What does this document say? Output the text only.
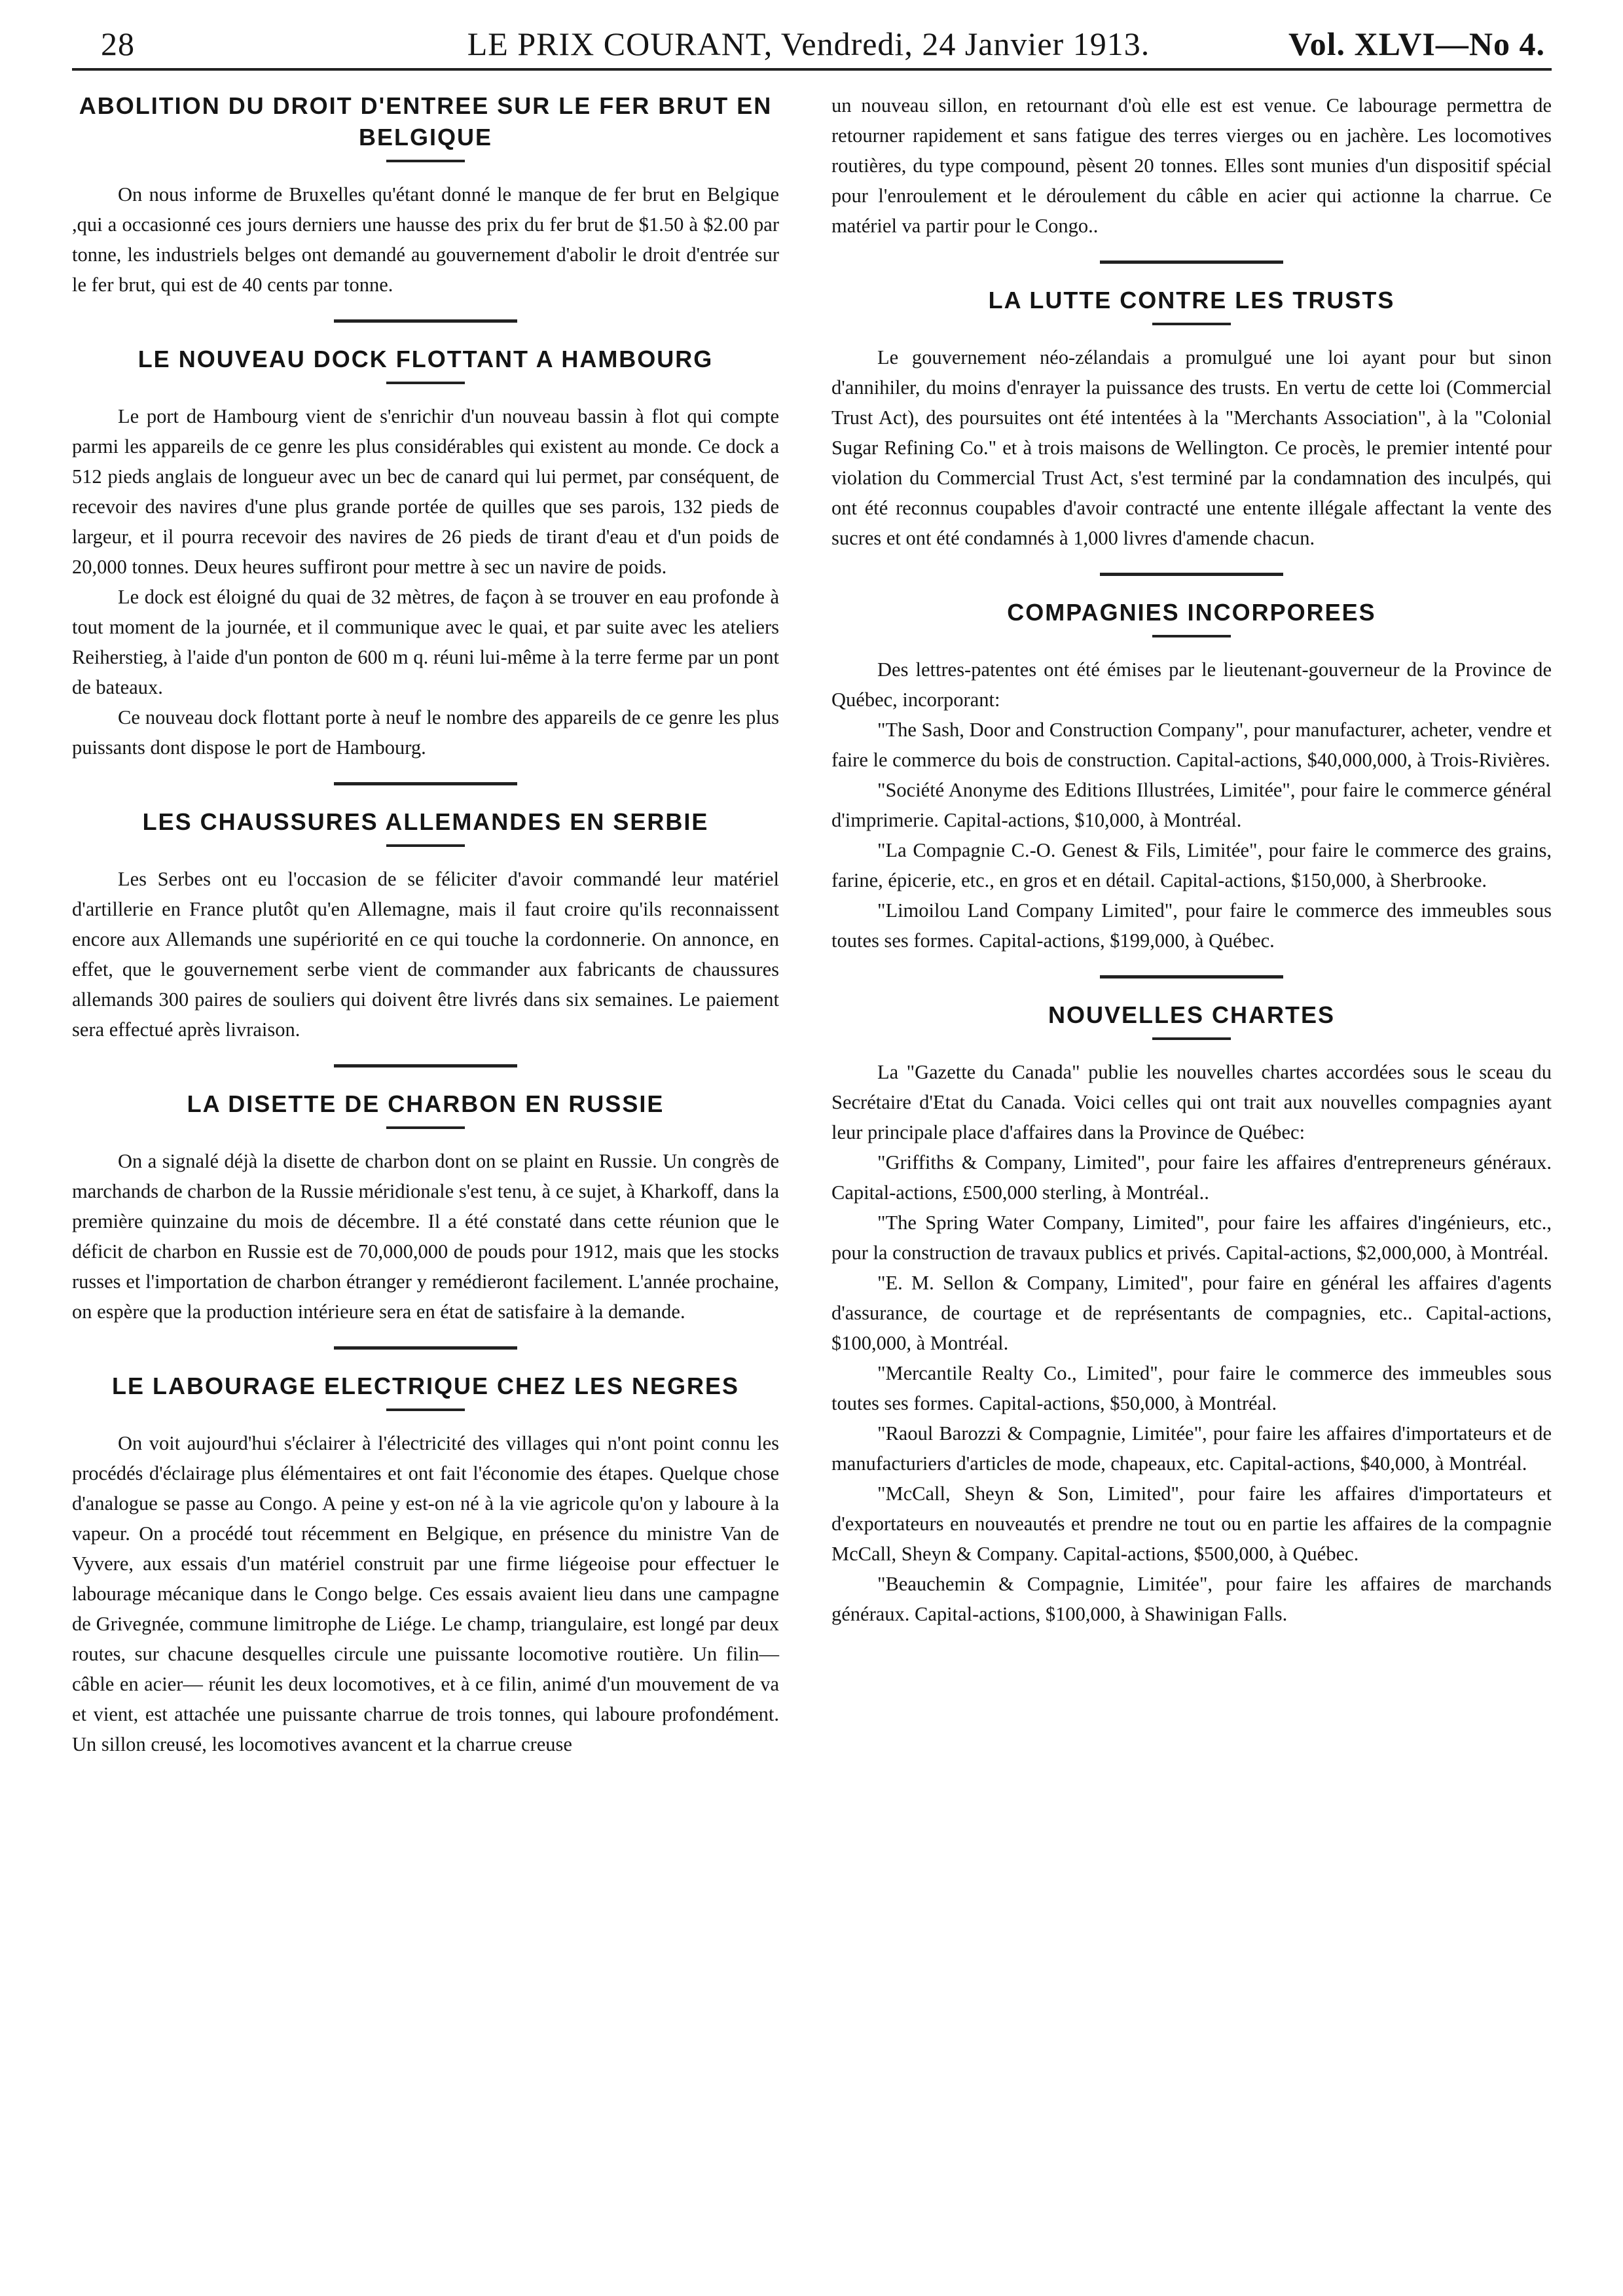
28	LE PRIX COURANT, Vendredi, 24 Janvier 1913.	Vol. XLVI—No 4.
ABOLITION DU DROIT D'ENTREE SUR LE FER BRUT EN BELGIQUE

On nous informe de Bruxelles qu'étant donné le manque de fer brut en Belgique ,qui a occasionné ces jours derniers une hausse des prix du fer brut de $1.50 à $2.00 par tonne, les industriels belges ont demandé au gouvernement d'abolir le droit d'entrée sur le fer brut, qui est de 40 cents par tonne.

LE NOUVEAU DOCK FLOTTANT A HAMBOURG

Le port de Hambourg vient de s'enrichir d'un nouveau bassin à flot qui compte parmi les appareils de ce genre les plus considérables qui existent au monde. Ce dock a 512 pieds anglais de longueur avec un bec de canard qui lui permet, par conséquent, de recevoir des navires d'une plus grande portée de quilles que ses parois, 132 pieds de largeur, et il pourra recevoir des navires de 26 pieds de tirant d'eau et d'un poids de 20,000 tonnes. Deux heures suffiront pour mettre à sec un navire de poids.

Le dock est éloigné du quai de 32 mètres, de façon à se trouver en eau profonde à tout moment de la journée, et il communique avec le quai, et par suite avec les ateliers Reiherstieg, à l'aide d'un ponton de 600 m q. réuni lui-même à la terre ferme par un pont de bateaux.

Ce nouveau dock flottant porte à neuf le nombre des appareils de ce genre les plus puissants dont dispose le port de Hambourg.

LES CHAUSSURES ALLEMANDES EN SERBIE

Les Serbes ont eu l'occasion de se féliciter d'avoir commandé leur matériel d'artillerie en France plutôt qu'en Allemagne, mais il faut croire qu'ils reconnaissent encore aux Allemands une supériorité en ce qui touche la cordonnerie. On annonce, en effet, que le gouvernement serbe vient de commander aux fabricants de chaussures allemands 300 paires de souliers qui doivent être livrés dans six semaines. Le paiement sera effectué après livraison.

LA DISETTE DE CHARBON EN RUSSIE

On a signalé déjà la disette de charbon dont on se plaint en Russie. Un congrès de marchands de charbon de la Russie méridionale s'est tenu, à ce sujet, à Kharkoff, dans la première quinzaine du mois de décembre. Il a été constaté dans cette réunion que le déficit de charbon en Russie est de 70,000,000 de pouds pour 1912, mais que les stocks russes et l'importation de charbon étranger y remédieront facilement. L'année prochaine, on espère que la production intérieure sera en état de satisfaire à la demande.

LE LABOURAGE ELECTRIQUE CHEZ LES NEGRES

On voit aujourd'hui s'éclairer à l'électricité des villages qui n'ont point connu les procédés d'éclairage plus élémentaires et ont fait l'économie des étapes. Quelque chose d'analogue se passe au Congo. A peine y est-on né à la vie agricole qu'on y laboure à la vapeur. On a procédé tout récemment en Belgique, en présence du ministre Van de Vyvere, aux essais d'un matériel construit par une firme liégeoise pour effectuer le labourage mécanique dans le Congo belge. Ces essais avaient lieu dans une campagne de Grivegnée, commune limitrophe de Liége. Le champ, triangulaire, est longé par deux routes, sur chacune desquelles circule une puissante locomotive routière. Un filin—câble en acier— réunit les deux locomotives, et à ce filin, animé d'un mouvement de va et vient, est attachée une puissante charrue de trois tonnes, qui laboure profondément. Un sillon creusé, les locomotives avancent et la charrue creuse

un nouveau sillon, en retournant d'où elle est est venue. Ce labourage permettra de retourner rapidement et sans fatigue des terres vierges ou en jachère. Les locomotives routières, du type compound, pèsent 20 tonnes. Elles sont munies d'un dispositif spécial pour l'enroulement et le déroulement du câble en acier qui actionne la charrue. Ce matériel va partir pour le Congo..

LA LUTTE CONTRE LES TRUSTS

Le gouvernement néo-zélandais a promulgué une loi ayant pour but sinon d'annihiler, du moins d'enrayer la puissance des trusts. En vertu de cette loi (Commercial Trust Act), des poursuites ont été intentées à la "Merchants Association", à la "Colonial Sugar Refining Co." et à trois maisons de Wellington. Ce procès, le premier intenté pour violation du Commercial Trust Act, s'est terminé par la condamnation des inculpés, qui ont été reconnus coupables d'avoir contracté une entente illégale affectant la vente des sucres et ont été condamnés à 1,000 livres d'amende chacun.

COMPAGNIES INCORPOREES

Des lettres-patentes ont été émises par le lieutenant-gouverneur de la Province de Québec, incorporant:

"The Sash, Door and Construction Company", pour manufacturer, acheter, vendre et faire le commerce du bois de construction. Capital-actions, $40,000,000, à Trois-Rivières.

"Société Anonyme des Editions Illustrées, Limitée", pour faire le commerce général d'imprimerie. Capital-actions, $10,000, à Montréal.

"La Compagnie C.-O. Genest & Fils, Limitée", pour faire le commerce des grains, farine, épicerie, etc., en gros et en détail. Capital-actions, $150,000, à Sherbrooke.

"Limoilou Land Company Limited", pour faire le commerce des immeubles sous toutes ses formes. Capital-actions, $199,000, à Québec.

NOUVELLES CHARTES

La "Gazette du Canada" publie les nouvelles chartes accordées sous le sceau du Secrétaire d'Etat du Canada. Voici celles qui ont trait aux nouvelles compagnies ayant leur principale place d'affaires dans la Province de Québec:

"Griffiths & Company, Limited", pour faire les affaires d'entrepreneurs généraux. Capital-actions, £500,000 sterling, à Montréal..

"The Spring Water Company, Limited", pour faire les affaires d'ingénieurs, etc., pour la construction de travaux publics et privés. Capital-actions, $2,000,000, à Montréal.

"E. M. Sellon & Company, Limited", pour faire en général les affaires d'agents d'assurance, de courtage et de représentants de compagnies, etc.. Capital-actions, $100,000, à Montréal.

"Mercantile Realty Co., Limited", pour faire le commerce des immeubles sous toutes ses formes. Capital-actions, $50,000, à Montréal.

"Raoul Barozzi & Compagnie, Limitée", pour faire les affaires d'importateurs et de manufacturiers d'articles de mode, chapeaux, etc. Capital-actions, $40,000, à Montréal.

"McCall, Sheyn & Son, Limited", pour faire les affaires d'importateurs et d'exportateurs en nouveautés et prendre ne tout ou en partie les affaires de la compagnie McCall, Sheyn & Company. Capital-actions, $500,000, à Québec.

"Beauchemin & Compagnie, Limitée", pour faire les affaires de marchands généraux. Capital-actions, $100,000, à Shawinigan Falls.
